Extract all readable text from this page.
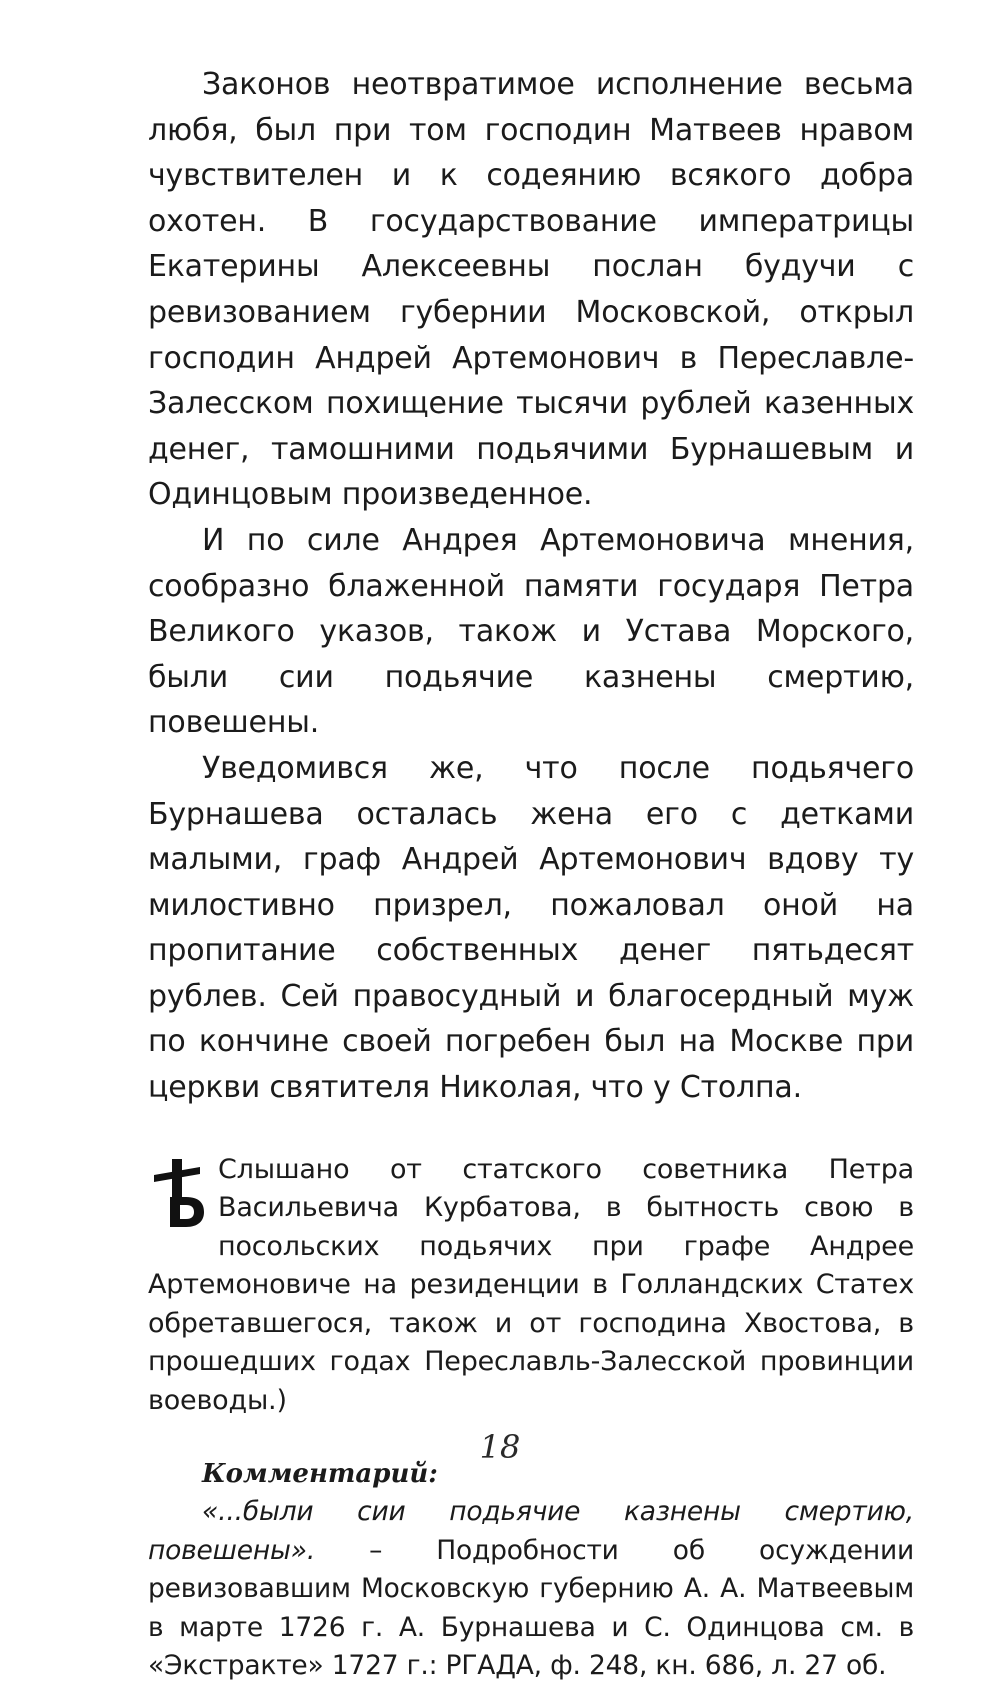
Законов неотвратимое исполнение весьма любя, был при том господин Матвеев нравом чувствителен и к содеянию всякого добра охотен. В государствование императрицы Екатерины Алексеевны послан будучи с ревизованием губернии Московской, открыл господин Андрей Артемонович в Переславле-Залесском похищение тысячи рублей казенных денег, тамошними подьячими Бурнашевым и Одинцовым произведенное.

И по силе Андрея Артемоновича мнения, сообразно блаженной памяти государя Петра Великого указов, також и Устава Морского, были сии подьячие казнены смертию, повешены.

Уведомився же, что после подьячего Бурнашева осталась жена его с детками малыми, граф Андрей Артемонович вдову ту милостивно призрел, пожаловал оной на пропитание собственных денег пятьдесят рублев. Сей правосудный и благосердный муж по кончине своей погребен был на Москве при церкви святителя Николая, что у Столпа.

Слышано от статского советника Петра Васильевича Курбатова, в бытность свою в посольских подьячих при графе Андрее Артемоновиче на резиденции в Голландских Статех обретавшегося, також и от господина Хвостова, в прошедших годах Переславль-Залесской провинции воеводы.)

Комментарий:

«...были сии подьячие казнены смертию, повешены». – Подробности об осуждении ревизовавшим Московскую губернию А. А. Матвеевым в марте 1726 г. А. Бурнашева и С. Одинцова см. в «Экстракте» 1727 г.: РГАДА, ф. 248, кн. 686, л. 27 об.

18
